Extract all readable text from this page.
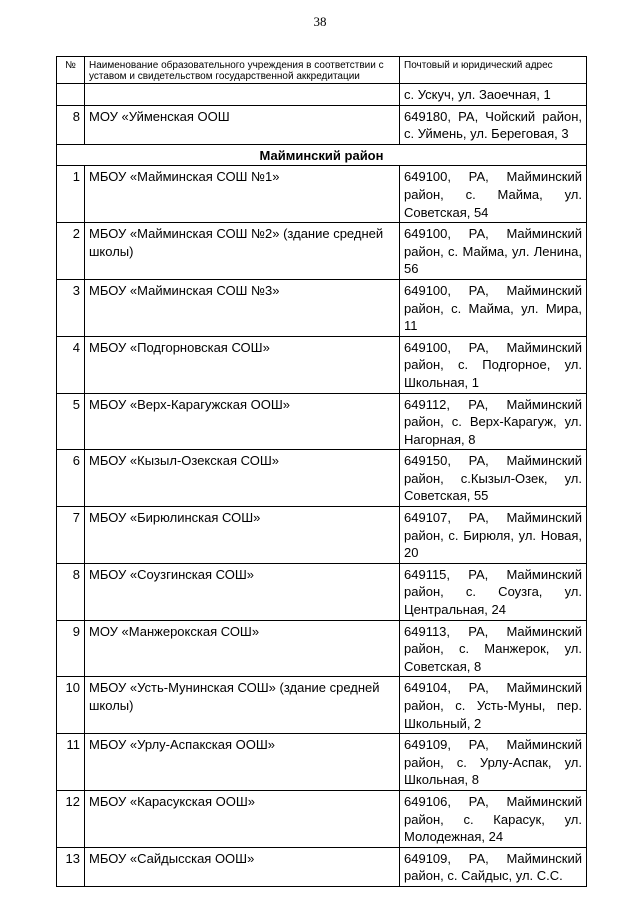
38
№	Наименование образовательного учреждения в соответствии с уставом и свидетельством государственной аккредитации	Почтовый и юридический адрес
		с. Ускуч, ул. Заоечная, 1
8	МОУ «Уйменская ООШ	649180, РА, Чойский район, с. Уймень, ул. Береговая, 3
Майминский район		
1	МБОУ «Майминская СОШ №1»	649100, РА, Майминский район, с. Майма, ул. Советская, 54
2	МБОУ «Майминская СОШ №2» (здание средней школы)	649100, РА, Майминский район, с. Майма, ул. Ленина, 56
3	МБОУ «Майминская СОШ №3»	649100, РА, Майминский район, с. Майма, ул. Мира, 11
4	МБОУ «Подгорновская СОШ»	649100, РА, Майминский район, с. Подгорное, ул. Школьная, 1
5	МБОУ «Верх-Карагужская ООШ»	649112, РА, Майминский район, с. Верх-Карагуж, ул. Нагорная, 8
6	МБОУ «Кызыл-Озекская СОШ»	649150, РА, Майминский район, с.Кызыл-Озек, ул. Советская, 55
7	МБОУ «Бирюлинская СОШ»	649107, РА, Майминский район, с. Бирюля, ул. Новая, 20
8	МБОУ «Соузгинская СОШ»	649115, РА, Майминский район, с. Соузга, ул. Центральная, 24
9	МОУ «Манжерокская СОШ»	649113, РА, Майминский район, с. Манжерок, ул. Советская, 8
10	МБОУ «Усть-Мунинская СОШ» (здание средней школы)	649104, РА, Майминский район, с. Усть-Муны, пер. Школьный, 2
11	МБОУ «Урлу-Аспакская ООШ»	649109, РА, Майминский район, с. Урлу-Аспак, ул. Школьная, 8
12	МБОУ «Карасукская ООШ»	649106, РА, Майминский район, с. Карасук, ул. Молодежная, 24
13	МБОУ «Сайдысская ООШ»	649109, РА, Майминский район, с. Сайдыс, ул. С.С.
